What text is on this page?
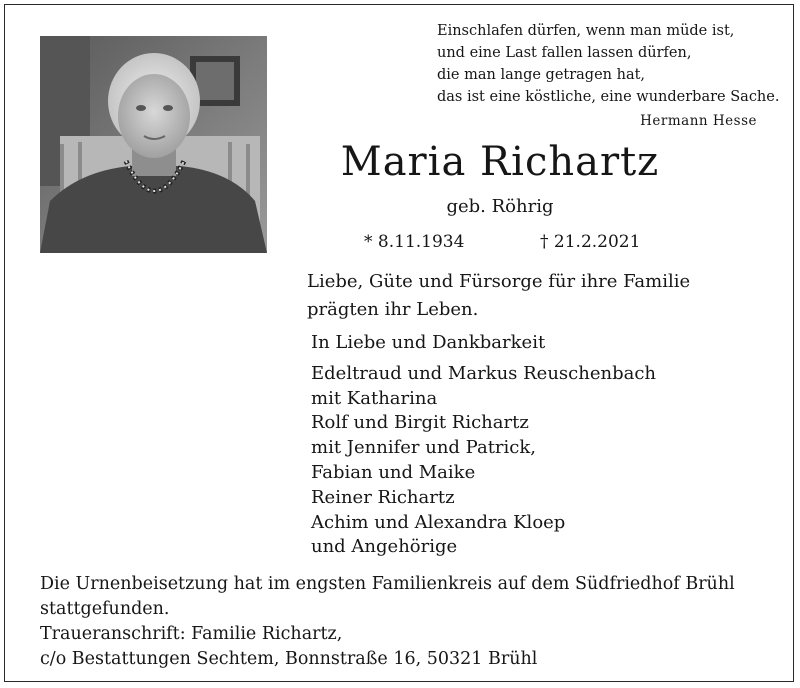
Einschlafen dürfen, wenn man müde ist,
und eine Last fallen lassen dürfen,
die man lange getragen hat,
das ist eine köstliche, eine wunderbare Sache.
Hermann Hesse
Maria Richartz
geb. Röhrig
* 8.11.1934	† 21.2.2021
Liebe, Güte und Fürsorge für ihre Familie
prägten ihr Leben.
In Liebe und Dankbarkeit
Edeltraud und Markus Reuschenbach
mit Katharina
Rolf und Birgit Richartz
mit Jennifer und Patrick,
Fabian und Maike
Reiner Richartz
Achim und Alexandra Kloep
und Angehörige
Die Urnenbeisetzung hat im engsten Familienkreis auf dem Südfriedhof Brühl
stattgefunden.
Traueranschrift: Familie Richartz,
c/o Bestattungen Sechtem, Bonnstraße 16, 50321 Brühl
